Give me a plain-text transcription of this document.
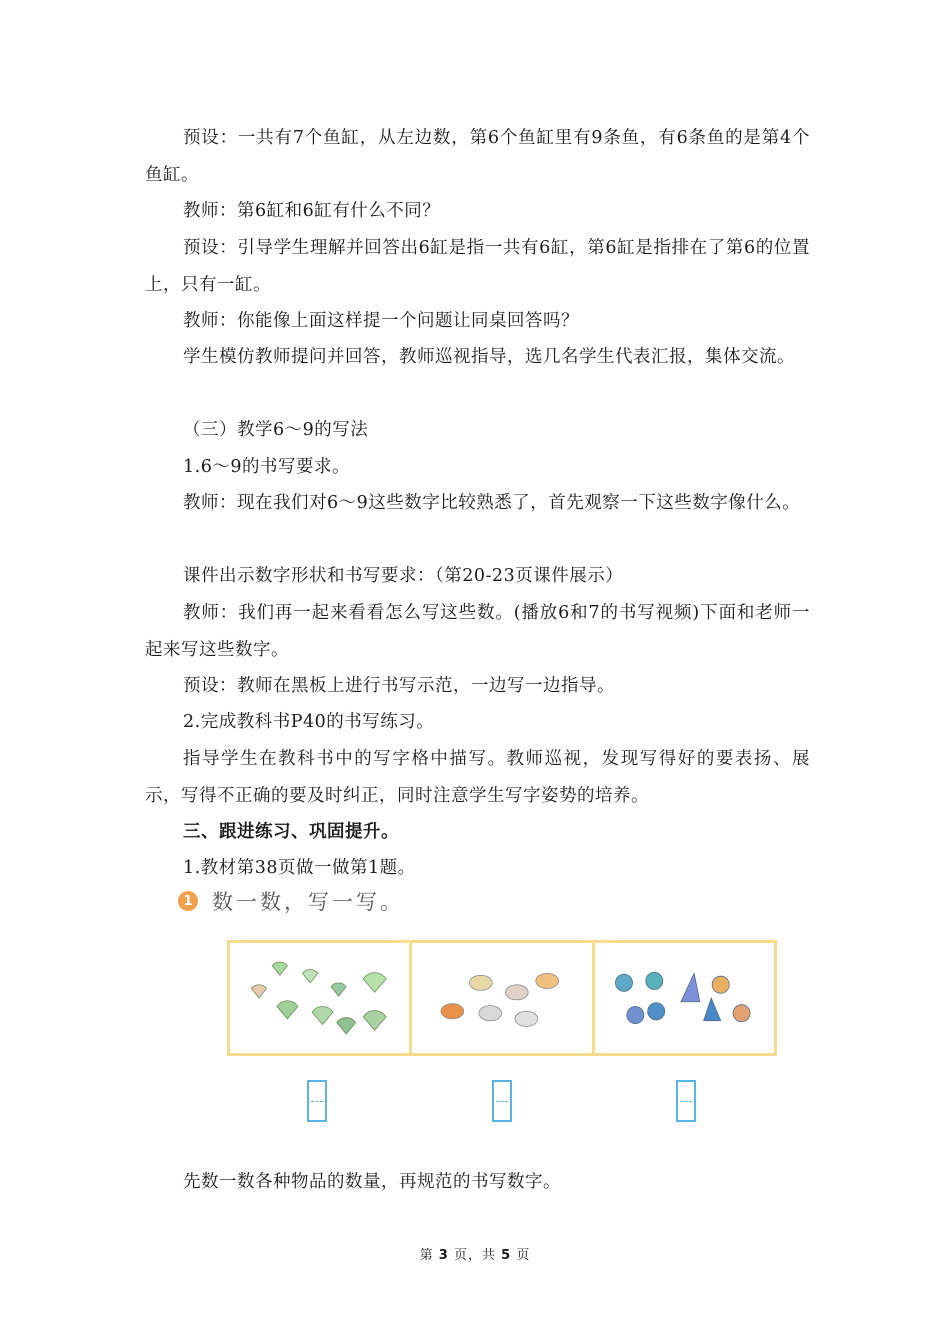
预设：一共有7个鱼缸，从左边数，第6个鱼缸里有9条鱼，有6条鱼的是第4个鱼缸。

教师：第6缸和6缸有什么不同？

预设：引导学生理解并回答出6缸是指一共有6缸，第6缸是指排在了第6的位置上，只有一缸。

教师：你能像上面这样提一个问题让同桌回答吗？

学生模仿教师提问并回答，教师巡视指导，选几名学生代表汇报，集体交流。

（三）教学6～9的写法

1.6～9的书写要求。

教师：现在我们对6～9这些数字比较熟悉了，首先观察一下这些数字像什么。

课件出示数字形状和书写要求：（第20-23页课件展示）

教师：我们再一起来看看怎么写这些数。(播放6和7的书写视频)下面和老师一起来写这些数字。

预设：教师在黑板上进行书写示范，一边写一边指导。

2.完成教科书P40的书写练习。

指导学生在教科书中的写字格中描写。教师巡视，发现写得好的要表扬、展示，写得不正确的要及时纠正，同时注意学生写字姿势的培养。

三、跟进练习、巩固提升。

1.教材第38页做一做第1题。

1 数一数，写一写。

先数一数各种物品的数量，再规范的书写数字。

第 3 页，共 5 页
